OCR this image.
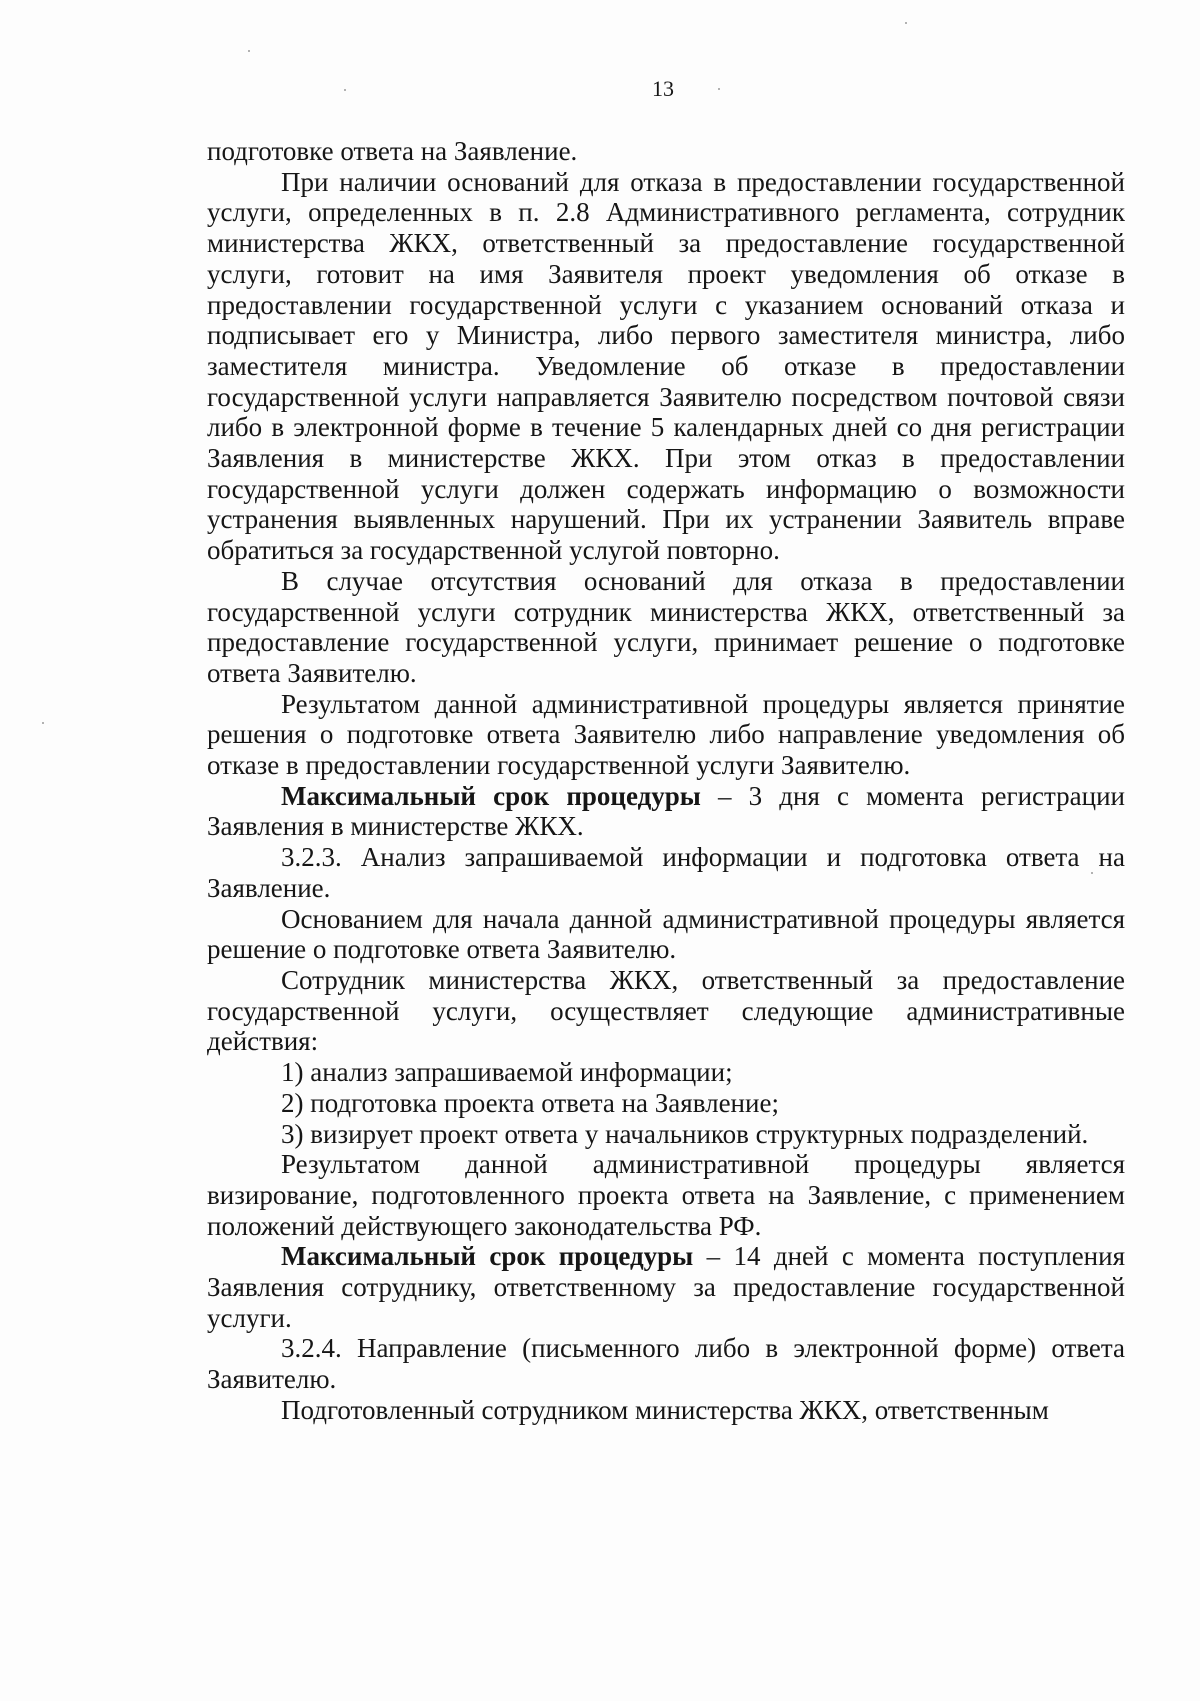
13

подготовке ответа на Заявление.

При наличии оснований для отказа в предоставлении государственной услуги, определенных в п. 2.8 Административного регламента, сотрудник министерства ЖКХ, ответственный за предоставление государственной услуги, готовит на имя Заявителя проект уведомления об отказе в предоставлении государственной услуги с указанием оснований отказа и подписывает его у Министра, либо первого заместителя министра, либо заместителя министра. Уведомление об отказе в предоставлении государственной услуги направляется Заявителю посредством почтовой связи либо в электронной форме в течение 5 календарных дней со дня регистрации Заявления в министерстве ЖКХ. При этом отказ в предоставлении государственной услуги должен содержать информацию о возможности устранения выявленных нарушений. При их устранении Заявитель вправе обратиться за государственной услугой повторно.

В случае отсутствия оснований для отказа в предоставлении государственной услуги сотрудник министерства ЖКХ, ответственный за предоставление государственной услуги, принимает решение о подготовке ответа Заявителю.

Результатом данной административной процедуры является принятие решения о подготовке ответа Заявителю либо направление уведомления об отказе в предоставлении государственной услуги Заявителю.

Максимальный срок процедуры – 3 дня с момента регистрации Заявления в министерстве ЖКХ.

3.2.3. Анализ запрашиваемой информации и подготовка ответа на Заявление.

Основанием для начала данной административной процедуры является решение о подготовке ответа Заявителю.

Сотрудник министерства ЖКХ, ответственный за предоставление государственной услуги, осуществляет следующие административные действия:

1) анализ запрашиваемой информации;

2) подготовка проекта ответа на Заявление;

3) визирует проект ответа у начальников структурных подразделений.

Результатом данной административной процедуры является визирование, подготовленного проекта ответа на Заявление, с применением положений действующего законодательства РФ.

Максимальный срок процедуры – 14 дней с момента поступления Заявления сотруднику, ответственному за предоставление государственной услуги.

3.2.4. Направление (письменного либо в электронной форме) ответа Заявителю.

Подготовленный сотрудником министерства ЖКХ, ответственным
